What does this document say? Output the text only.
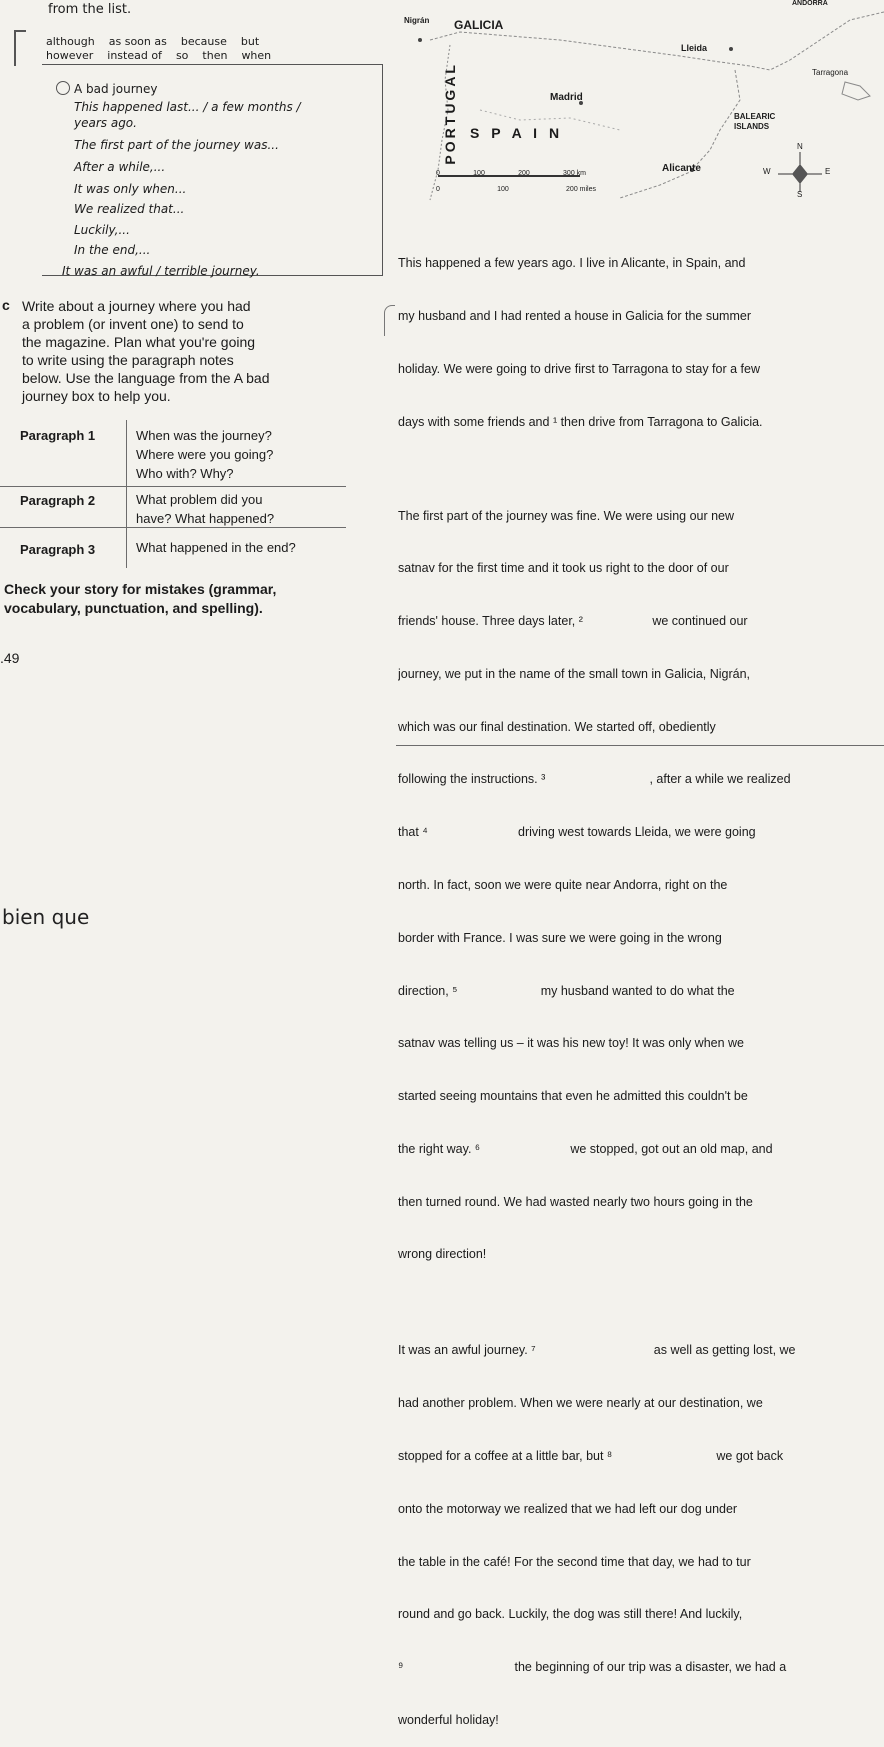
from the list.
although as soon as because but
however instead of so then when
A bad journey
This happened last... / a few months /
years ago.
The first part of the journey was...
After a while,...
It was only when...
We realized that...
Luckily,...
In the end,...
It was an awful / terrible journey.
c Write about a journey where you had
a problem (or invent one) to send to
the magazine. Plan what you're going
to write using the paragraph notes
below. Use the language from the A bad
journey box to help you.
Paragraph 1	When was the journey?
Where were you going?
Who with? Why?
Paragraph 2	What problem did you
have? What happened?
Paragraph 3	What happened in the end?
Check your story for mistakes (grammar,
vocabulary, punctuation, and spelling).
.49
bien que
Nigrán GALICIA
Lleida
ANDORRA
Tarragona
Madrid
S P A I N
BALEARIC
ISLANDS
Alicante
PORTUGAL
0	100	200	300 km
0	100	200 miles
N
W	E
S

This happened a few years ago. I live in Alicante, in Spain, and

my husband and I had rented a house in Galicia for the summer

holiday. We were going to drive first to Tarragona to stay for a few

days with some friends and ¹ then drive from Tarragona to Galicia.

The first part of the journey was fine. We were using our new

satnav for the first time and it took us right to the door of our

friends' house. Three days later, ²                    we continued our

journey, we put in the name of the small town in Galicia, Nigrán,

which was our final destination. We started off, obediently

following the instructions. ³                              , after a while we realized

that ⁴                          driving west towards Lleida, we were going

north. In fact, soon we were quite near Andorra, right on the

border with France. I was sure we were going in the wrong

direction, ⁵                        my husband wanted to do what the

satnav was telling us – it was his new toy! It was only when we

started seeing mountains that even he admitted this couldn't be

the right way. ⁶                          we stopped, got out an old map, and

then turned round. We had wasted nearly two hours going in the

wrong direction!

It was an awful journey. ⁷                                  as well as getting lost, we

had another problem. When we were nearly at our destination, we

stopped for a coffee at a little bar, but ⁸                              we got back

onto the motorway we realized that we had left our dog under

the table in the café! For the second time that day, we had to tur

round and go back. Luckily, the dog was still there! And luckily,

⁹                                the beginning of our trip was a disaster, we had a

wonderful holiday!
